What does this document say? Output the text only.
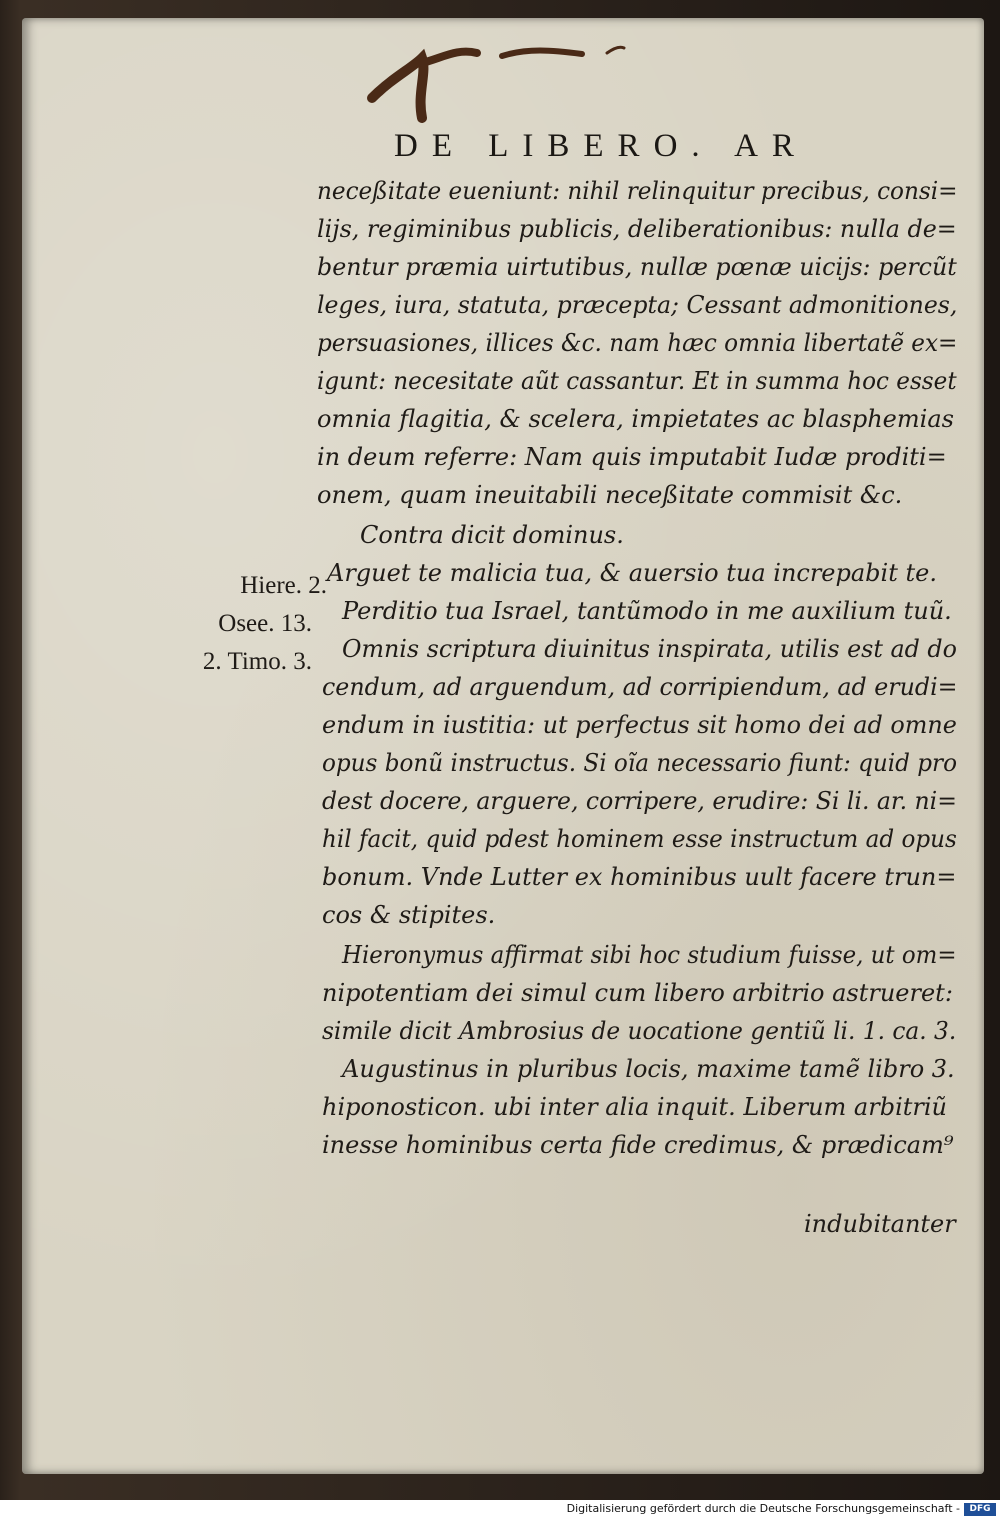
DE LIBERO. AR
neceßitate eueniunt: nihil relinquitur precibus, consi=
lijs, regiminibus publicis, deliberationibus: nulla de=
bentur præmia uirtutibus, nullæ pœnæ uicijs: percũt
leges, iura, statuta, præcepta; Cessant admonitiones,
persuasiones, illices &c. nam hæc omnia libertatẽ ex=
igunt: necesitate aũt cassantur. Et in summa hoc esset
omnia flagitia, & scelera, impietates ac blasphemias
in deum referre: Nam quis imputabit Iudæ proditi=
onem, quam ineuitabili neceßitate commisit &c.
Contra dicit dominus.
Arguet te malicia tua, & auersio tua increpabit te.
Perditio tua Israel, tantũmodo in me auxilium tuũ.
Omnis scriptura diuinitus inspirata, utilis est ad do
cendum, ad arguendum, ad corripiendum, ad erudi=
endum in iustitia: ut perfectus sit homo dei ad omne
opus bonũ instructus. Si oĩa necessario fiunt: quid pro
dest docere, arguere, corripere, erudire: Si li. ar. ni=
hil facit, quid pdest hominem esse instructum ad opus
bonum. Vnde Lutter ex hominibus uult facere trun=
cos & stipites.
Hieronymus affirmat sibi hoc studium fuisse, ut om=
nipotentiam dei simul cum libero arbitrio astrueret:
simile dicit Ambrosius de uocatione gentiũ li. 1. ca. 3.
Augustinus in pluribus locis, maxime tamẽ libro 3.
hiponosticon. ubi inter alia inquit. Liberum arbitriũ
inesse hominibus certa fide credimus, & prædicam⁹
Hiere. 2.
Osee. 13.
2. Timo. 3.
indubitanter
Digitalisierung gefördert durch die Deutsche Forschungsgemeinschaft -	DFG
